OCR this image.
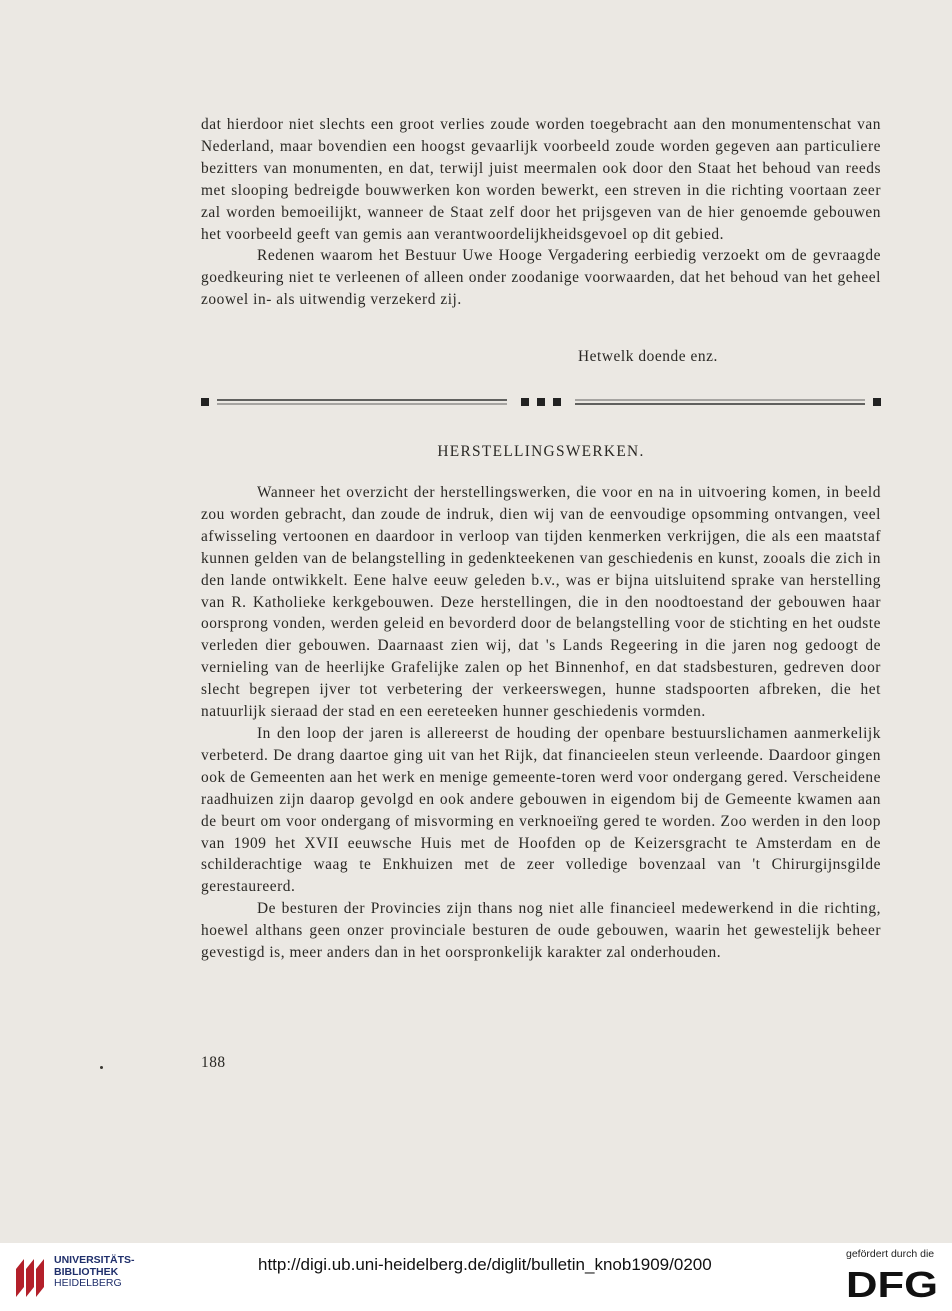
dat hierdoor niet slechts een groot verlies zoude worden toegebracht aan den monumentenschat van Nederland, maar bovendien een hoogst gevaarlijk voorbeeld zoude worden gegeven aan particuliere bezitters van monumenten, en dat, terwijl juist meermalen ook door den Staat het behoud van reeds met slooping bedreigde bouwwerken kon worden bewerkt, een streven in die richting voortaan zeer zal worden bemoeilijkt, wanneer de Staat zelf door het prijsgeven van de hier genoemde gebouwen het voorbeeld geeft van gemis aan verantwoordelijkheidsgevoel op dit gebied.

Redenen waarom het Bestuur Uwe Hooge Vergadering eerbiedig verzoekt om de gevraagde goedkeuring niet te verleenen of alleen onder zoodanige voorwaarden, dat het behoud van het geheel zoowel in- als uitwendig verzekerd zij.

Hetwelk doende enz.
HERSTELLINGSWERKEN.

Wanneer het overzicht der herstellingswerken, die voor en na in uitvoering komen, in beeld zou worden gebracht, dan zoude de indruk, dien wij van de eenvoudige opsomming ontvangen, veel afwisseling vertoonen en daardoor in verloop van tijden kenmerken verkrijgen, die als een maatstaf kunnen gelden van de belangstelling in gedenkteekenen van geschiedenis en kunst, zooals die zich in den lande ontwikkelt. Eene halve eeuw geleden b.v., was er bijna uitsluitend sprake van herstelling van R. Katholieke kerkgebouwen. Deze herstellingen, die in den noodtoestand der gebouwen haar oorsprong vonden, werden geleid en bevorderd door de belangstelling voor de stichting en het oudste verleden dier gebouwen. Daarnaast zien wij, dat 's Lands Regeering in die jaren nog gedoogt de vernieling van de heerlijke Grafelijke zalen op het Binnenhof, en dat stadsbesturen, gedreven door slecht begrepen ijver tot verbetering der verkeerswegen, hunne stadspoorten afbreken, die het natuurlijk sieraad der stad en een eereteeken hunner geschiedenis vormden.

In den loop der jaren is allereerst de houding der openbare bestuurslichamen aanmerkelijk verbeterd. De drang daartoe ging uit van het Rijk, dat financieelen steun verleende. Daardoor gingen ook de Gemeenten aan het werk en menige gemeente-toren werd voor ondergang gered. Verscheidene raadhuizen zijn daarop gevolgd en ook andere gebouwen in eigendom bij de Gemeente kwamen aan de beurt om voor ondergang of misvorming en verknoeiïng gered te worden. Zoo werden in den loop van 1909 het XVII eeuwsche Huis met de Hoofden op de Keizersgracht te Amsterdam en de schilderachtige waag te Enkhuizen met de zeer volledige bovenzaal van 't Chirurgijnsgilde gerestaureerd.

De besturen der Provincies zijn thans nog niet alle financieel medewerkend in die richting, hoewel althans geen onzer provinciale besturen de oude gebouwen, waarin het gewestelijk beheer gevestigd is, meer anders dan in het oorspronkelijk karakter zal onderhouden.

188
UNIVERSITÄTS-
BIBLIOTHEK
HEIDELBERG
http://digi.ub.uni-heidelberg.de/diglit/bulletin_knob1909/0200
gefördert durch die
DFG
